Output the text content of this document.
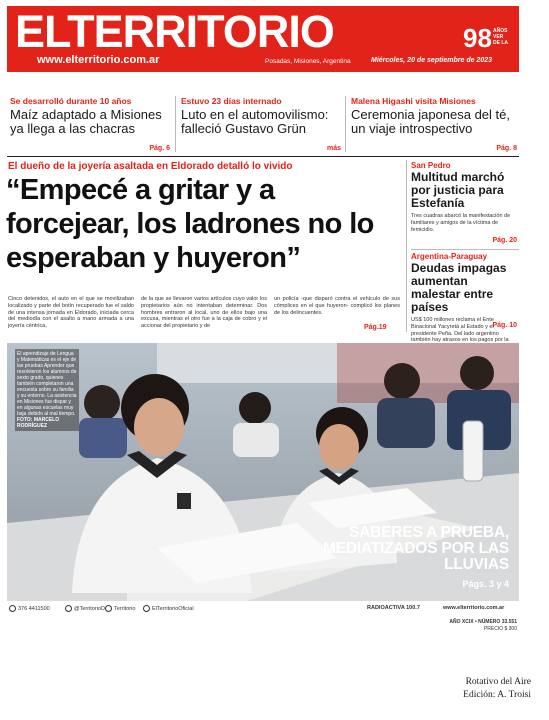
ELTERRITORIO
www.elterritorio.com.ar	Posadas, Misiones, Argentina	Miércoles, 20 de septiembre de 2023
98 AÑOS VER DE LA
Se desarrolló durante 10 años
Maíz adaptado a Misiones ya llega a las chacras
Pág. 6
Estuvo 23 días internado
Luto en el automovilismo: falleció Gustavo Grün
más
Malena Higashi visita Misiones
Ceremonia japonesa del té, un viaje introspectivo
Pág. 8
El dueño de la joyería asaltada en Eldorado detalló lo vivido
“Empecé a gritar y a forcejear, los ladrones no lo esperaban y huyeron”
Cinco detenidos, el auto en el que se movilizaban localizado y parte del botín recuperado fue el saldo de una intensa jornada en Eldorado, iniciada cerca del mediodía con el asalto a mano armada a una joyería céntrica,
de la que se llevaron varios artículos cuyo valor los propietarios aún no intentaban determinar. Dos hombres entraron al local, uno de ellos bajo una excusa, mientras el otro fue a la caja de cobro y el accionar del propietario y de
un policía -que disparó contra el vehículo de sus cómplices en el que huyeron- complicó los planes de los delincuentes.
Pág.19
San Pedro
Multitud marchó por justicia para Estefanía
Tres cuadras abarcó la manifestación de familiares y amigos de la víctima de femicidio.
Pág. 20
Argentina-Paraguay
Deudas impagas aumentan malestar entre países
US$ 100 millones reclama el Ente Binacional Yacyretá al Estado y el presidente Peña. Del lado argentino también hay atrasos en los pagos por la
Pág. 10
El aprendizaje de Lengua y Matemáticas es el eje de las pruebas Aprender que resolvieron los alumnos de sexto grado, quienes también completaron una encuesta sobre su familia y su entorno. La asistencia en Misiones fue dispar y en algunas escuelas muy baja debido al mal tiempo.
FOTO: MARCELO RODRÍGUEZ
SABERES A PRUEBA, MEDIATIZADOS POR LAS LLUVIAS
Págs. 3 y 4
376 4411500	@TerritorioD	Territorio	ElTerritorioOficial	RADIOACTIVA 100.7	www.elterritorio.com.ar
AÑO XCIX • NÚMERO 33.551
PRECIO $ 300
Rotativo del Aire
Edición: A. Troisi
